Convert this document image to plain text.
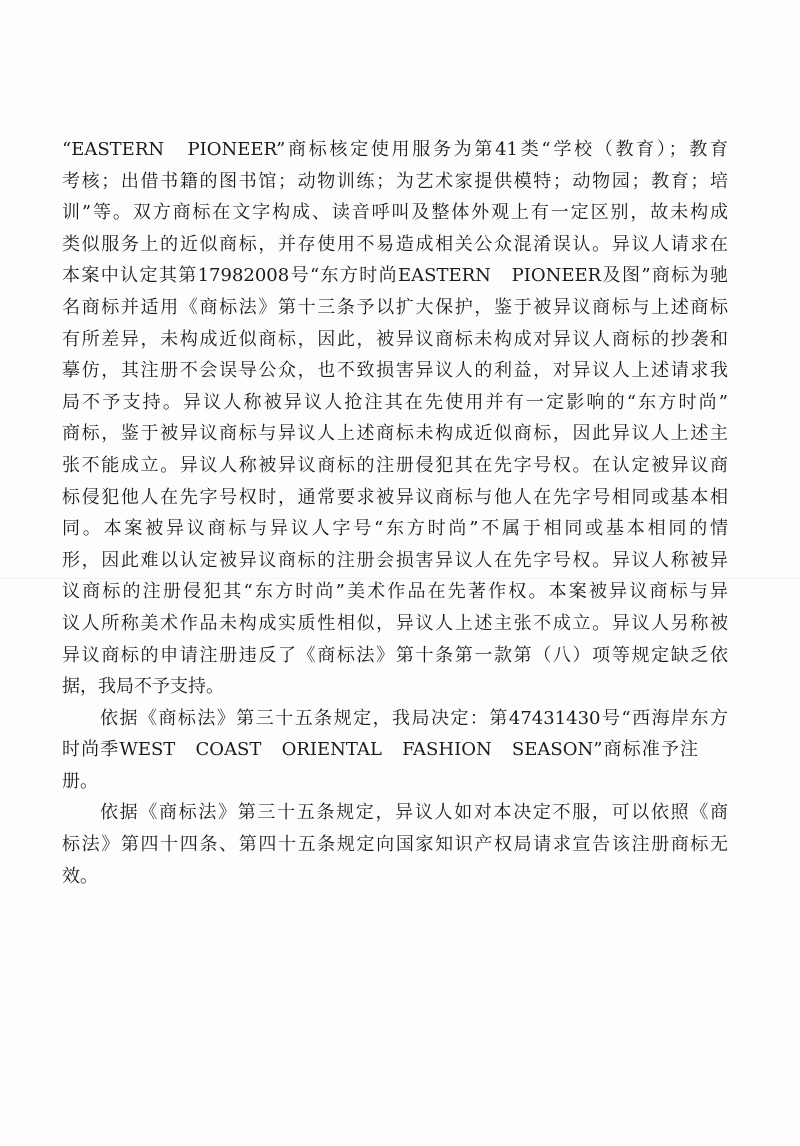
“EASTERN　PIONEER”商标核定使用服务为第41类“学校（教育）；教育
考核；出借书籍的图书馆；动物训练；为艺术家提供模特；动物园；教育；培
训”等。双方商标在文字构成、读音呼叫及整体外观上有一定区别，故未构成
类似服务上的近似商标，并存使用不易造成相关公众混淆误认。异议人请求在
本案中认定其第17982008号“东方时尚EASTERN　PIONEER及图”商标为驰
名商标并适用《商标法》第十三条予以扩大保护，鉴于被异议商标与上述商标
有所差异，未构成近似商标，因此，被异议商标未构成对异议人商标的抄袭和
摹仿，其注册不会误导公众，也不致损害异议人的利益，对异议人上述请求我
局不予支持。异议人称被异议人抢注其在先使用并有一定影响的“东方时尚”
商标，鉴于被异议商标与异议人上述商标未构成近似商标，因此异议人上述主
张不能成立。异议人称被异议商标的注册侵犯其在先字号权。在认定被异议商
标侵犯他人在先字号权时，通常要求被异议商标与他人在先字号相同或基本相
同。本案被异议商标与异议人字号“东方时尚”不属于相同或基本相同的情
形，因此难以认定被异议商标的注册会损害异议人在先字号权。异议人称被异
议商标的注册侵犯其“东方时尚”美术作品在先著作权。本案被异议商标与异
议人所称美术作品未构成实质性相似，异议人上述主张不成立。异议人另称被
异议商标的申请注册违反了《商标法》第十条第一款第（八）项等规定缺乏依
据，我局不予支持。

依据《商标法》第三十五条规定，我局决定：第47431430号“西海岸东方
时尚季WEST　COAST　ORIENTAL　FASHION　SEASON”商标准予注
册。

依据《商标法》第三十五条规定，异议人如对本决定不服，可以依照《商
标法》第四十四条、第四十五条规定向国家知识产权局请求宣告该注册商标无
效。
